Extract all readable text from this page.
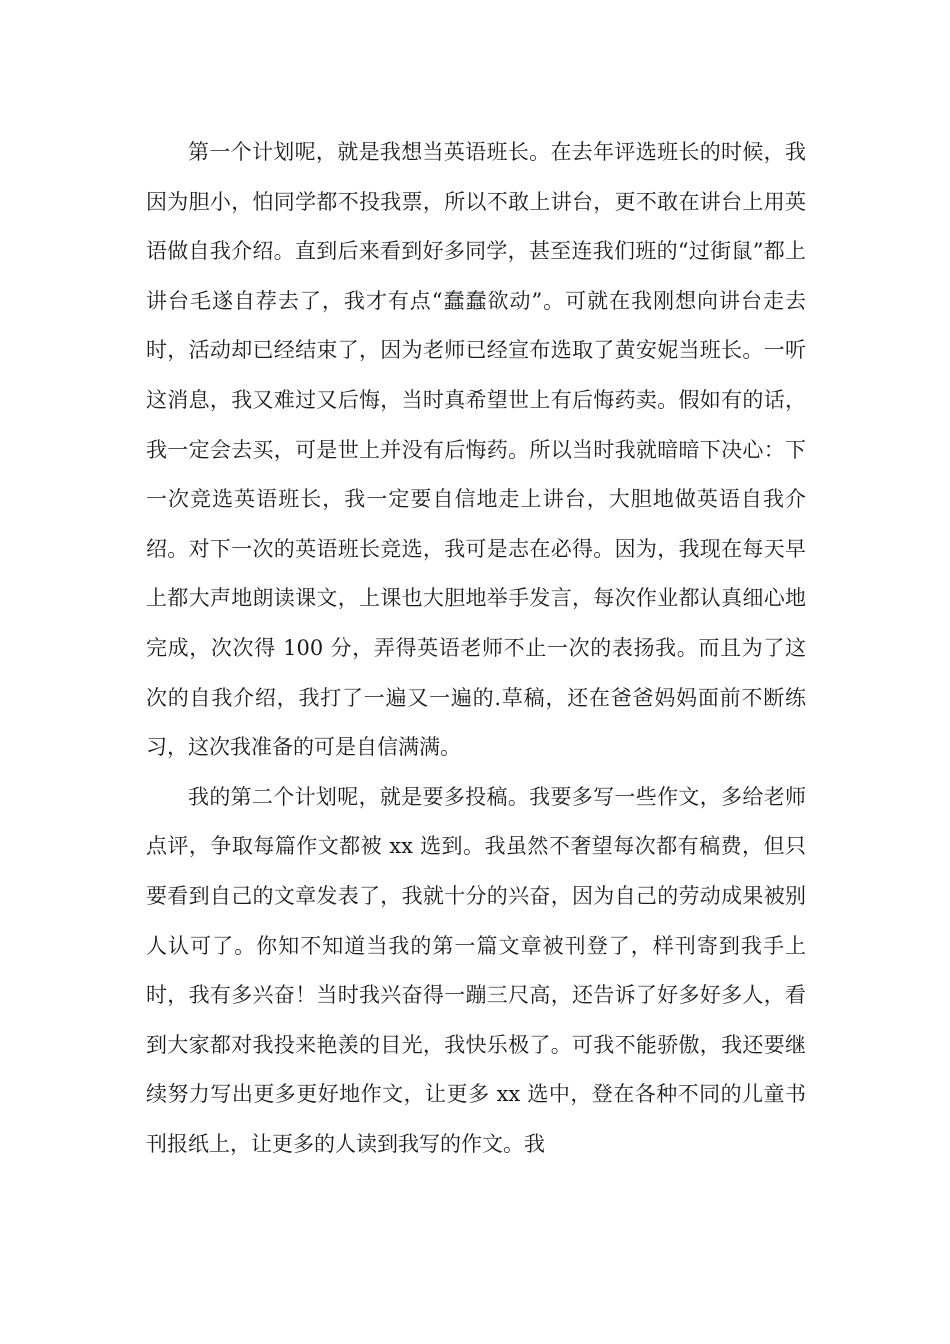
第一个计划呢，就是我想当英语班长。在去年评选班长的时候，我因为胆小，怕同学都不投我票，所以不敢上讲台，更不敢在讲台上用英语做自我介绍。直到后来看到好多同学，甚至连我们班的“过街鼠”都上讲台毛遂自荐去了，我才有点“蠢蠢欲动”。可就在我刚想向讲台走去时，活动却已经结束了，因为老师已经宣布选取了黄安妮当班长。一听这消息，我又难过又后悔，当时真希望世上有后悔药卖。假如有的话，我一定会去买，可是世上并没有后悔药。所以当时我就暗暗下决心：下一次竞选英语班长，我一定要自信地走上讲台，大胆地做英语自我介绍。对下一次的英语班长竞选，我可是志在必得。因为，我现在每天早上都大声地朗读课文，上课也大胆地举手发言，每次作业都认真细心地完成，次次得 100 分，弄得英语老师不止一次的表扬我。而且为了这次的自我介绍，我打了一遍又一遍的.草稿，还在爸爸妈妈面前不断练习，这次我准备的可是自信满满。

我的第二个计划呢，就是要多投稿。我要多写一些作文，多给老师点评，争取每篇作文都被 xx 选到。我虽然不奢望每次都有稿费，但只要看到自己的文章发表了，我就十分的兴奋，因为自己的劳动成果被别人认可了。你知不知道当我的第一篇文章被刊登了，样刊寄到我手上时，我有多兴奋！当时我兴奋得一蹦三尺高，还告诉了好多好多人，看到大家都对我投来艳羡的目光，我快乐极了。可我不能骄傲，我还要继续努力写出更多更好地作文，让更多 xx 选中，登在各种不同的儿童书刊报纸上，让更多的人读到我写的作文。我
